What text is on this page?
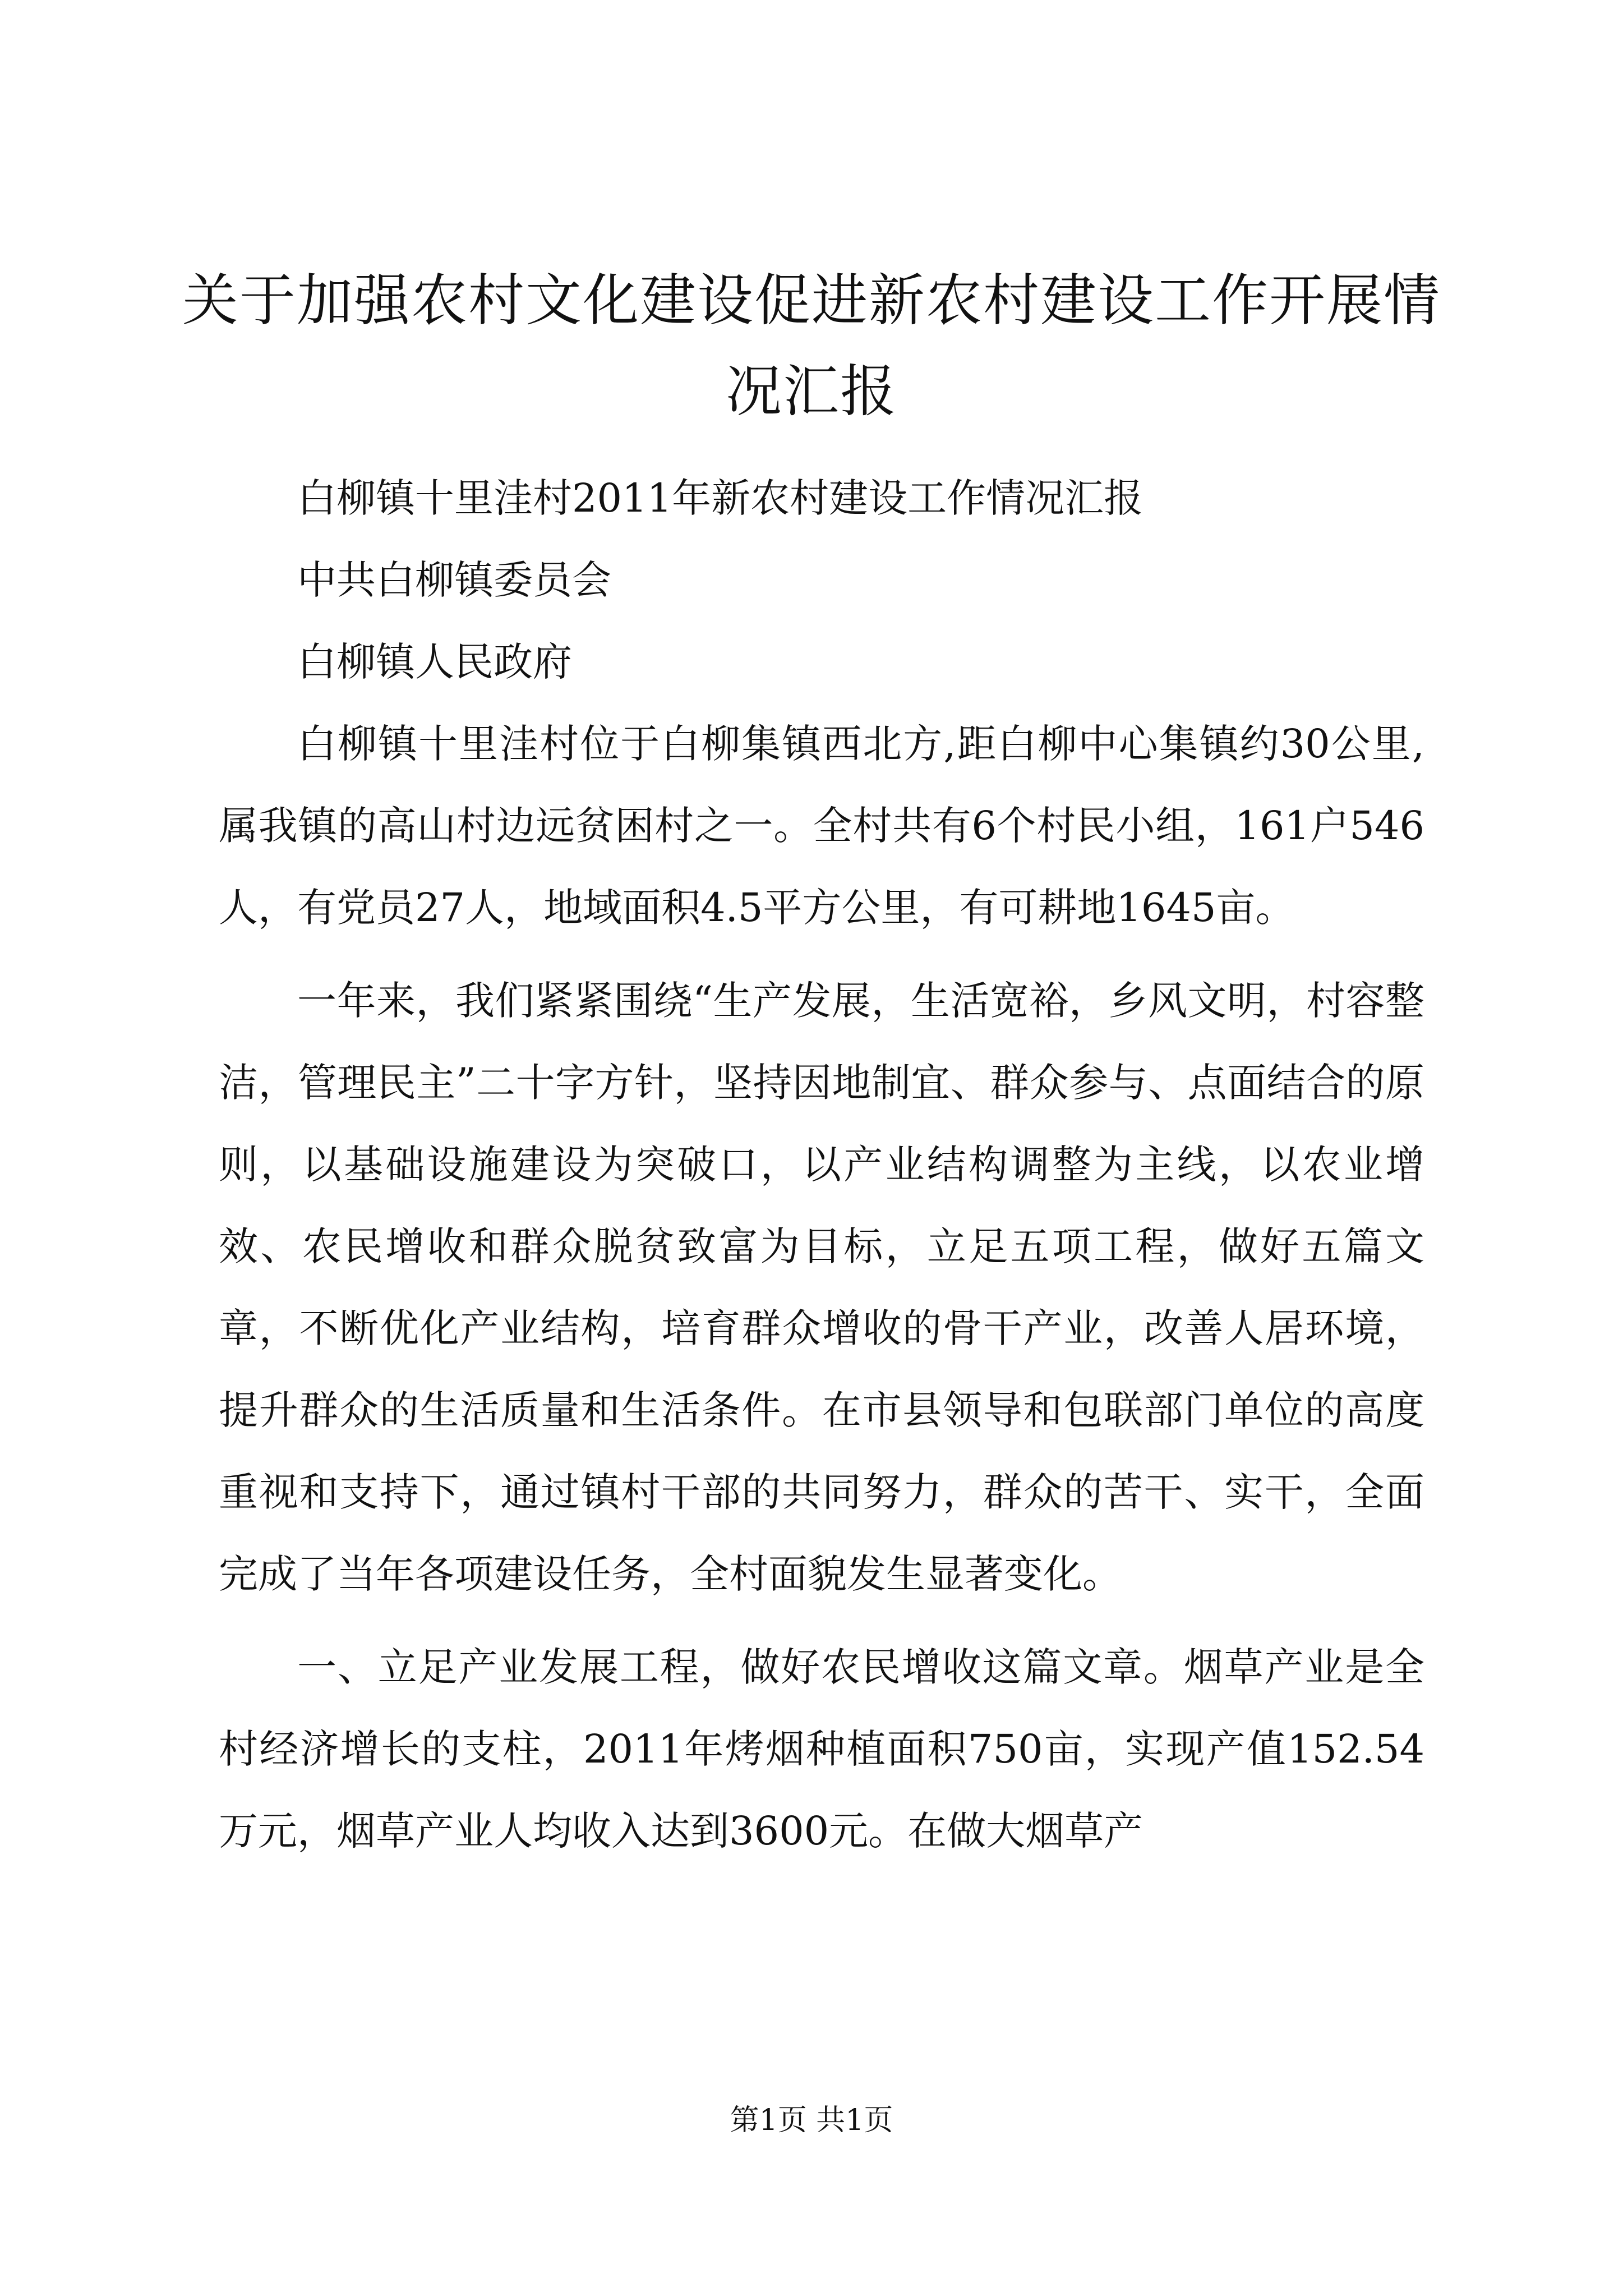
关于加强农村文化建设促进新农村建设工作开展情况汇报

白柳镇十里洼村2011年新农村建设工作情况汇报

中共白柳镇委员会

白柳镇人民政府

白柳镇十里洼村位于白柳集镇西北方,距白柳中心集镇约30公里,属我镇的高山村边远贫困村之一。全村共有6个村民小组，161户546人，有党员27人，地域面积4.5平方公里，有可耕地1645亩。

一年来，我们紧紧围绕“生产发展，生活宽裕，乡风文明，村容整洁，管理民主”二十字方针，坚持因地制宜、群众参与、点面结合的原则，以基础设施建设为突破口，以产业结构调整为主线，以农业增效、农民增收和群众脱贫致富为目标，立足五项工程，做好五篇文章，不断优化产业结构，培育群众增收的骨干产业，改善人居环境，提升群众的生活质量和生活条件。在市县领导和包联部门单位的高度重视和支持下，通过镇村干部的共同努力，群众的苦干、实干，全面完成了当年各项建设任务，全村面貌发生显著变化。

一、立足产业发展工程，做好农民增收这篇文章。烟草产业是全村经济增长的支柱，2011年烤烟种植面积750亩，实现产值152.54万元，烟草产业人均收入达到3600元。在做大烟草产

第1页 共1页
